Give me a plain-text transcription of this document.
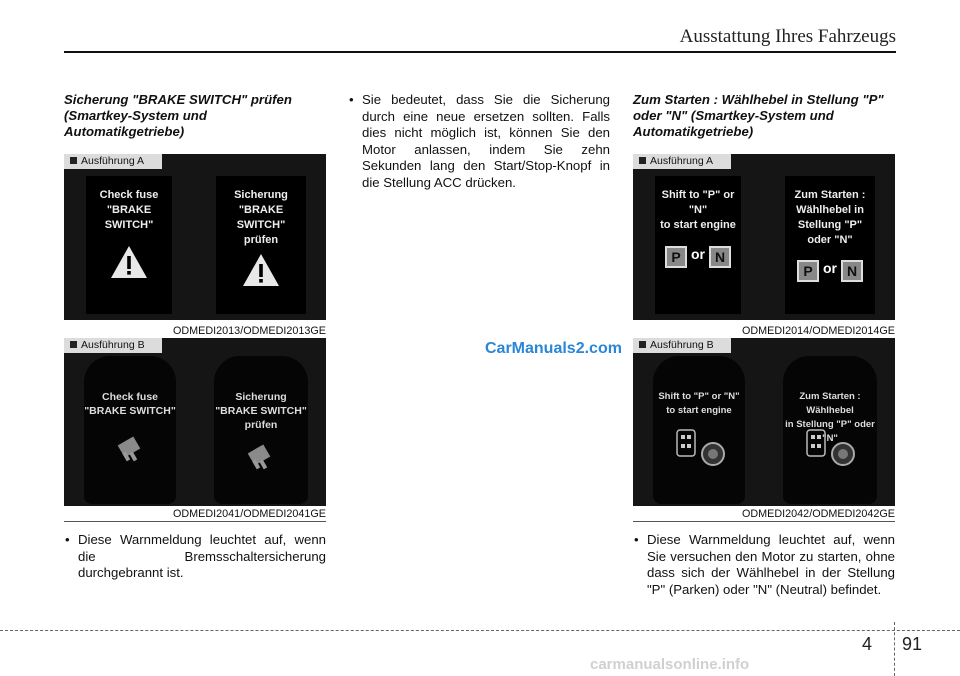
Ausstattung Ihres Fahrzeugs

Sicherung "BRAKE SWITCH" prüfen (Smartkey-System und Automatikgetriebe)

Ausführung A
Check fuse
"BRAKE SWITCH"
Sicherung
"BRAKE SWITCH"
prüfen
ODMEDI2013/ODMEDI2013GE
Ausführung B
Check fuse
"BRAKE SWITCH"
Sicherung
"BRAKE SWITCH"
prüfen
ODMEDI2041/ODMEDI2041GE
• Diese Warnmeldung leuchtet auf, wenn die Bremsschaltersicherung durchgebrannt ist.
• Sie bedeutet, dass Sie die Sicherung durch eine neue ersetzen sollten. Falls dies nicht möglich ist, können Sie den Motor anlassen, indem Sie zehn Sekunden lang den Start/Stop-Knopf in die Stellung ACC drücken.

Zum Starten : Wählhebel in Stellung "P" oder "N" (Smartkey-System und Automatikgetriebe)

Ausführung A
Shift to "P" or "N"
to start engine
P or N
Zum Starten :
Wählhebel in
Stellung "P"
oder "N"
P or N
ODMEDI2014/ODMEDI2014GE
Ausführung B
Shift to "P" or "N"
to start engine
Zum Starten : Wählhebel
in Stellung "P" oder "N"
ODMEDI2042/ODMEDI2042GE
• Diese Warnmeldung leuchtet auf, wenn Sie versuchen den Motor zu starten, ohne dass sich der Wählhebel in der Stellung "P" (Parken) oder "N" (Neutral) befindet.
CarManuals2.com
4 91
carmanualsonline.info
